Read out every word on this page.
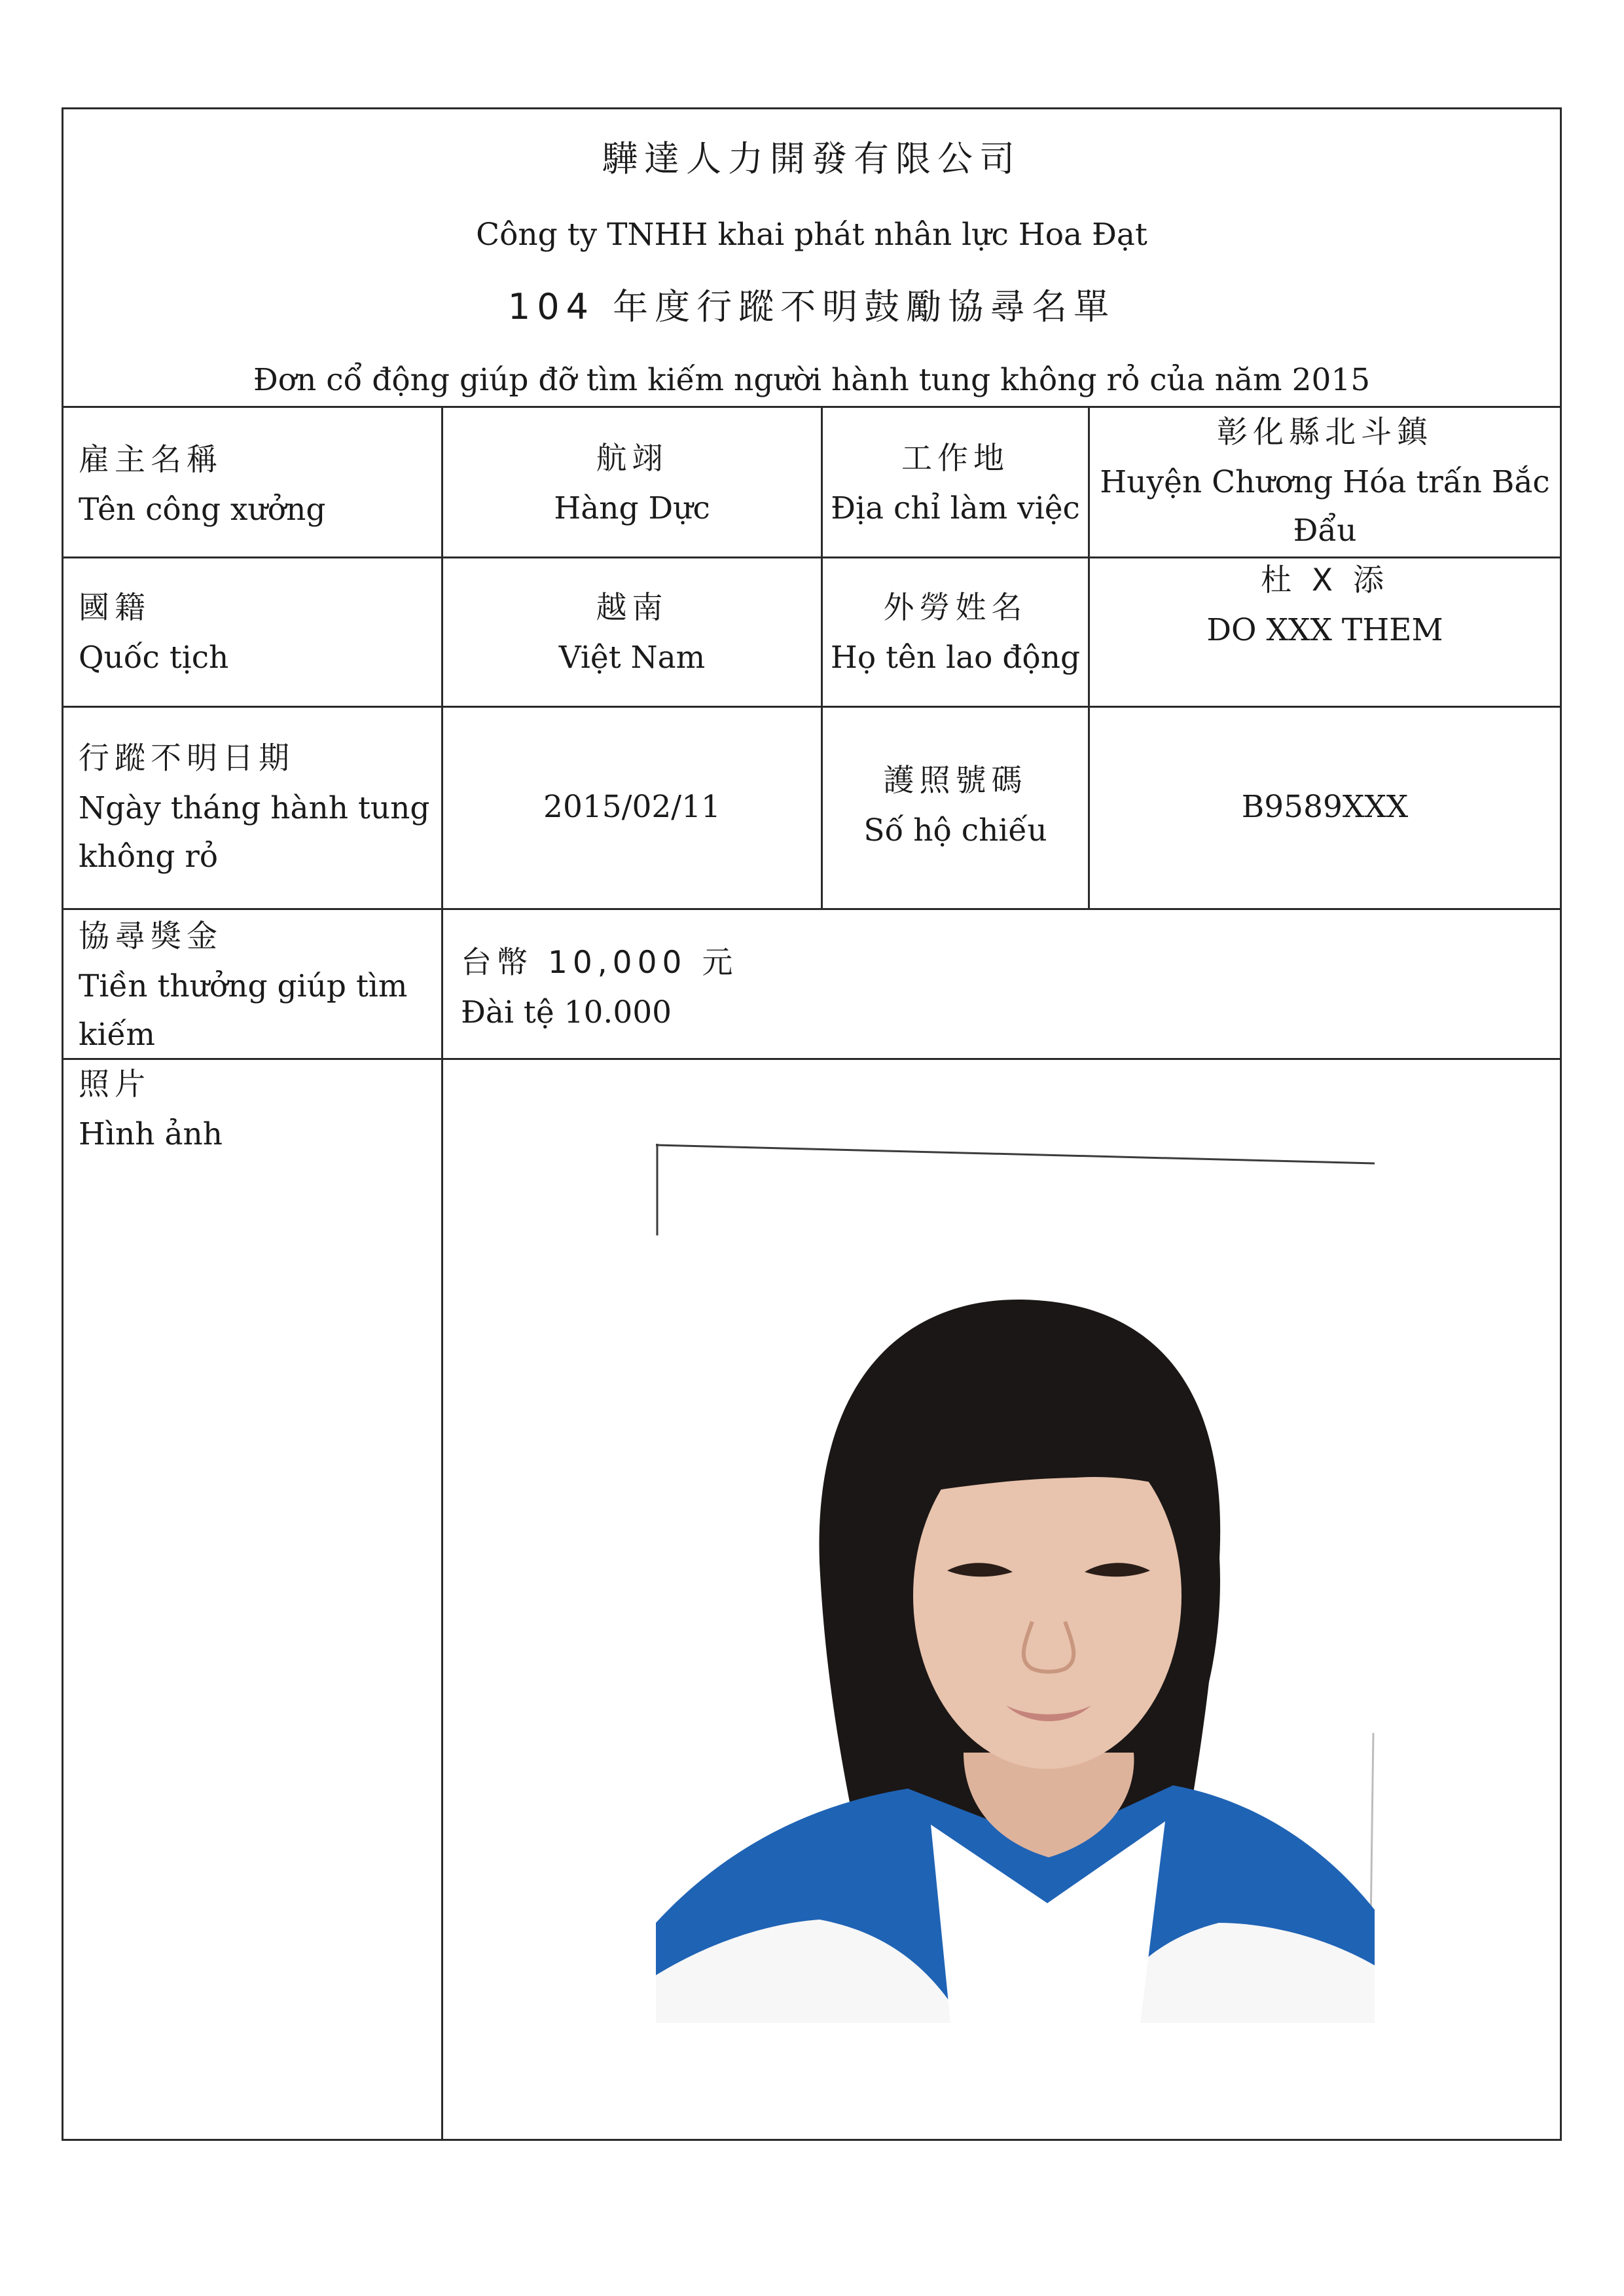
驊達人力開發有限公司
Công ty TNHH khai phát nhân lực Hoa Đạt
104 年度行蹤不明鼓勵協尋名單
Đơn cổ động giúp đỡ tìm kiếm người hành tung không rỏ của năm 2015
雇主名稱
Tên công xưởng
航翊
Hàng Dực
工作地
Địa chỉ làm việc
彰化縣北斗鎮
Huyện Chương Hóa trấn Bắc
Đẩu
國籍
Quốc tịch
越南
Việt Nam
外勞姓名
Họ tên lao động
杜 X 添
DO XXX THEM
行蹤不明日期
Ngày tháng hành tung
không rỏ
2015/02/11
護照號碼
Số hộ chiếu
B9589XXX
協尋獎金
Tiền thưởng giúp tìm
kiếm
台幣 10,000 元
Đài tệ 10.000
照片
Hình ảnh
